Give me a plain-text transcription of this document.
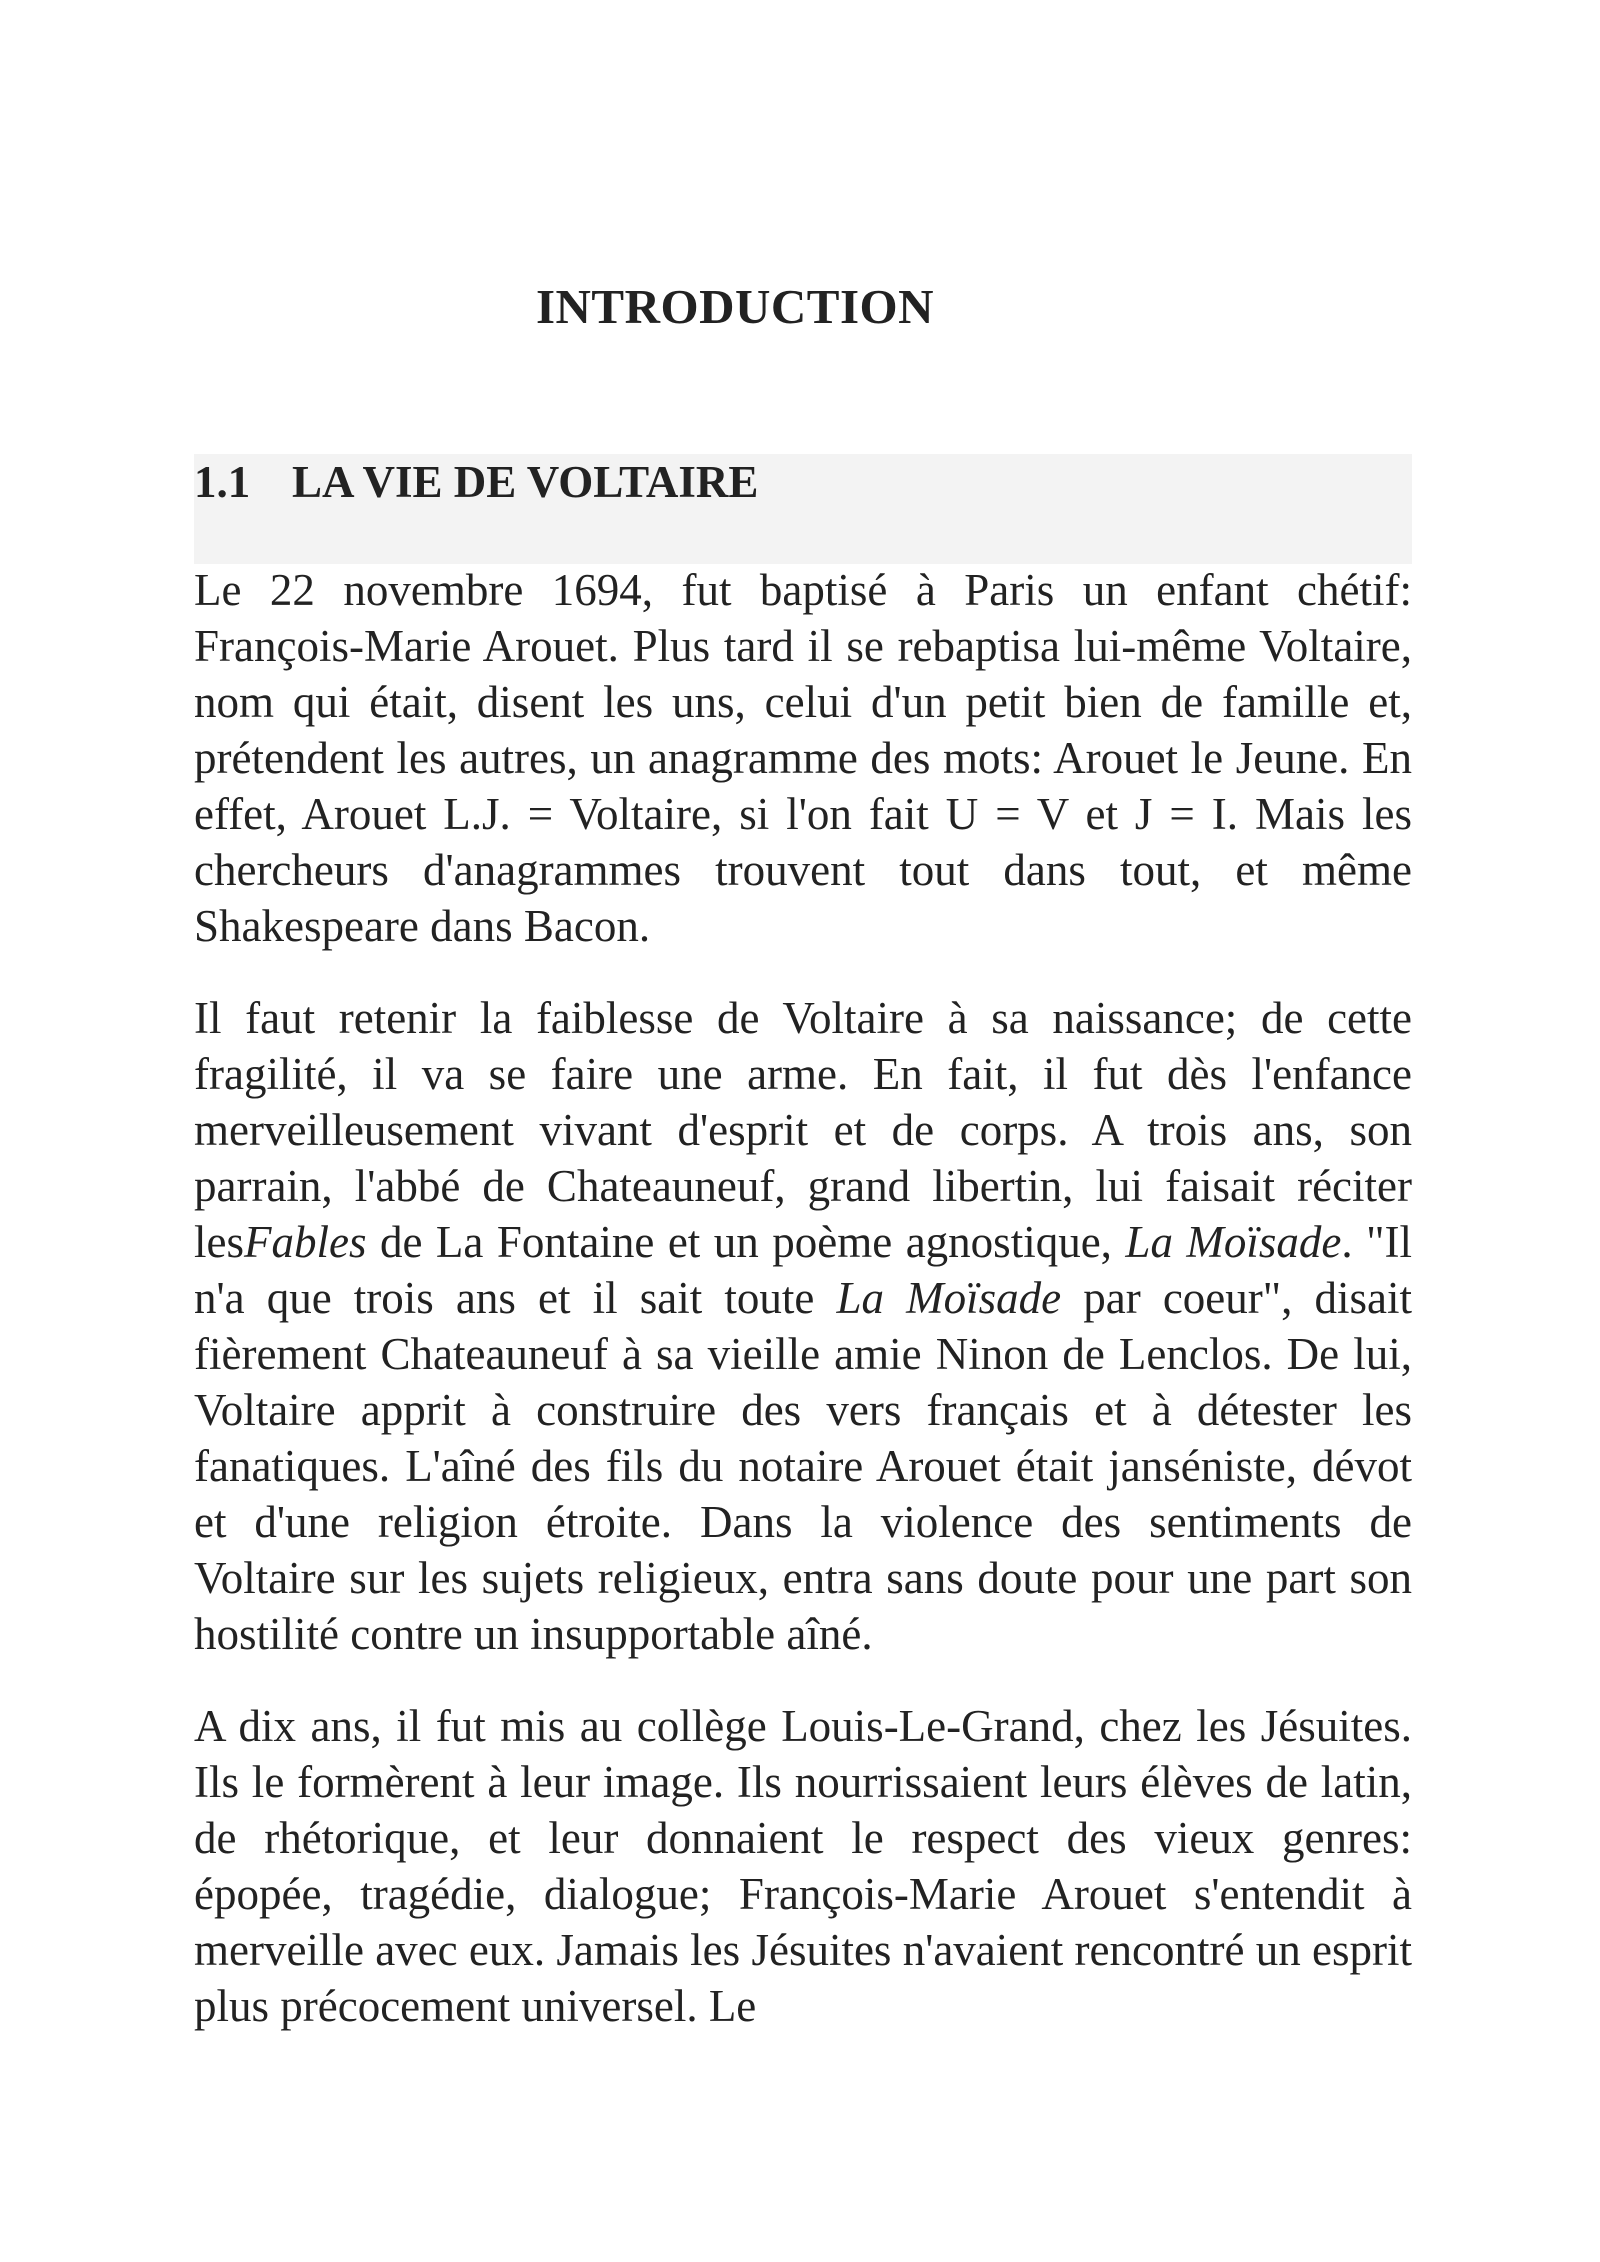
INTRODUCTION
1.1 LA VIE DE VOLTAIRE

Le 22 novembre 1694, fut baptisé à Paris un enfant chétif: François-Marie Arouet. Plus tard il se rebaptisa lui-même Voltaire, nom qui était, disent les uns, celui d'un petit bien de famille et, prétendent les autres, un anagramme des mots: Arouet le Jeune. En effet, Arouet L.J. = Voltaire, si l'on fait U = V et J = I. Mais les chercheurs d'anagrammes trouvent tout dans tout, et même Shakespeare dans Bacon.

Il faut retenir la faiblesse de Voltaire à sa naissance; de cette fragilité, il va se faire une arme. En fait, il fut dès l'enfance merveilleusement vivant d'esprit et de corps. A trois ans, son parrain, l'abbé de Chateauneuf, grand libertin, lui faisait réciter lesFables de La Fontaine et un poème agnostique, La Moïsade. "Il n'a que trois ans et il sait toute La Moïsade par coeur", disait fièrement Chateauneuf à sa vieille amie Ninon de Lenclos. De lui, Voltaire apprit à construire des vers français et à détester les fanatiques. L'aîné des fils du notaire Arouet était janséniste, dévot et d'une religion étroite. Dans la violence des sentiments de Voltaire sur les sujets religieux, entra sans doute pour une part son hostilité contre un insupportable aîné.

A dix ans, il fut mis au collège Louis-Le-Grand, chez les Jésuites. Ils le formèrent à leur image. Ils nourrissaient leurs élèves de latin, de rhétorique, et leur donnaient le respect des vieux genres: épopée, tragédie, dialogue; François-Marie Arouet s'entendit à merveille avec eux. Jamais les Jésuites n'avaient rencontré un esprit plus précocement universel. Le
